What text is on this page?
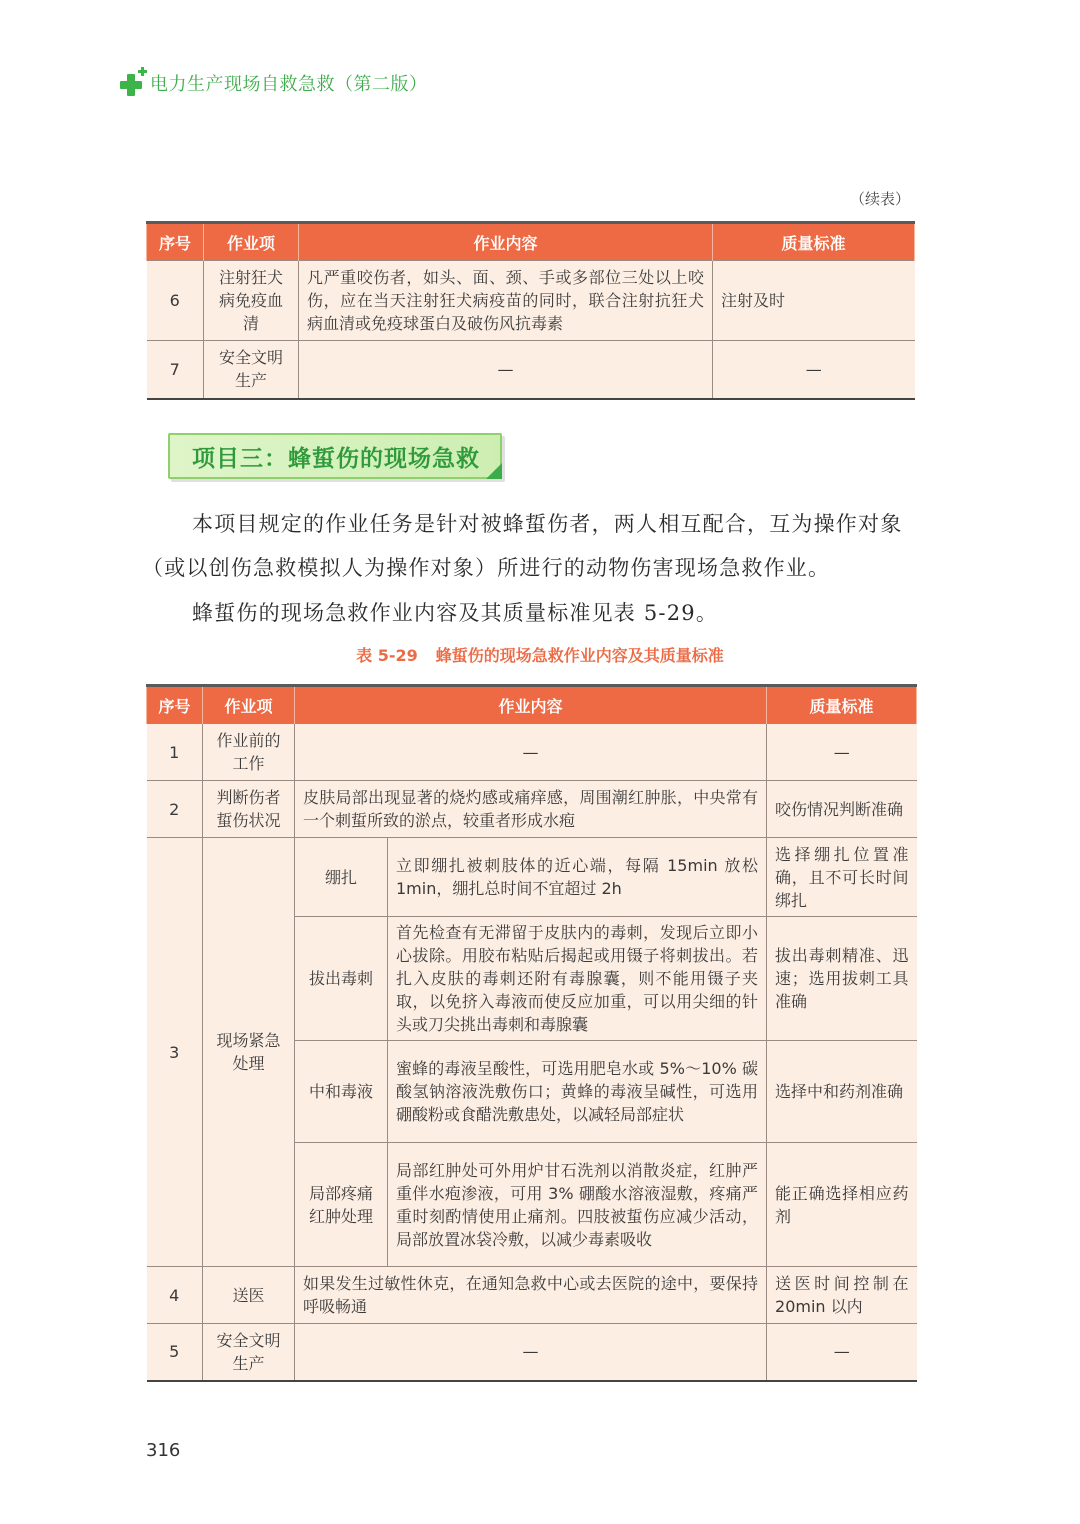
电力生产现场自救急救（第二版）
（续表）
序号	作业项	作业内容	质量标准
6	注射狂犬病免疫血清	凡严重咬伤者，如头、面、颈、手或多部位三处以上咬伤，应在当天注射狂犬病疫苗的同时，联合注射抗狂犬病血清或免疫球蛋白及破伤风抗毒素	注射及时
7	安全文明生产	—	—
项目三：蜂蜇伤的现场急救
本项目规定的作业任务是针对被蜂蜇伤者，两人相互配合，互为操作对象
（或以创伤急救模拟人为操作对象）所进行的动物伤害现场急救作业。
蜂蜇伤的现场急救作业内容及其质量标准见表 5-29。
表 5-29 蜂蜇伤的现场急救作业内容及其质量标准
序号	作业项	作业内容		质量标准
1	作业前的工作	—		—
2	判断伤者蜇伤状况	皮肤局部出现显著的烧灼感或痛痒感，周围潮红肿胀，中央常有一个刺蜇所致的淤点，较重者形成水疱		咬伤情况判断准确
3	现场紧急处理	绷扎	立即绷扎被刺肢体的近心端，每隔 15min 放松 1min，绷扎总时间不宜超过 2h	选择绷扎位置准确，且不可长时间绑扎
		拔出毒刺	首先检查有无滞留于皮肤内的毒刺，发现后立即小心拔除。用胶布粘贴后揭起或用镊子将刺拔出。若扎入皮肤的毒刺还附有毒腺囊，则不能用镊子夹取，以免挤入毒液而使反应加重，可以用尖细的针头或刀尖挑出毒刺和毒腺囊	拔出毒刺精准、迅速；选用拔刺工具准确
		中和毒液	蜜蜂的毒液呈酸性，可选用肥皂水或 5%～10% 碳酸氢钠溶液洗敷伤口；黄蜂的毒液呈碱性，可选用硼酸粉或食醋洗敷患处，以减轻局部症状	选择中和药剂准确
		局部疼痛红肿处理	局部红肿处可外用炉甘石洗剂以消散炎症，红肿严重伴水疱渗液，可用 3% 硼酸水溶液湿敷，疼痛严重时刻酌情使用止痛剂。四肢被蜇伤应减少活动，局部放置冰袋冷敷，以减少毒素吸收	能正确选择相应药剂
4	送医	如果发生过敏性休克，在通知急救中心或去医院的途中，要保持呼吸畅通		送医时间控制在 20min 以内
5	安全文明生产	—		—
316
